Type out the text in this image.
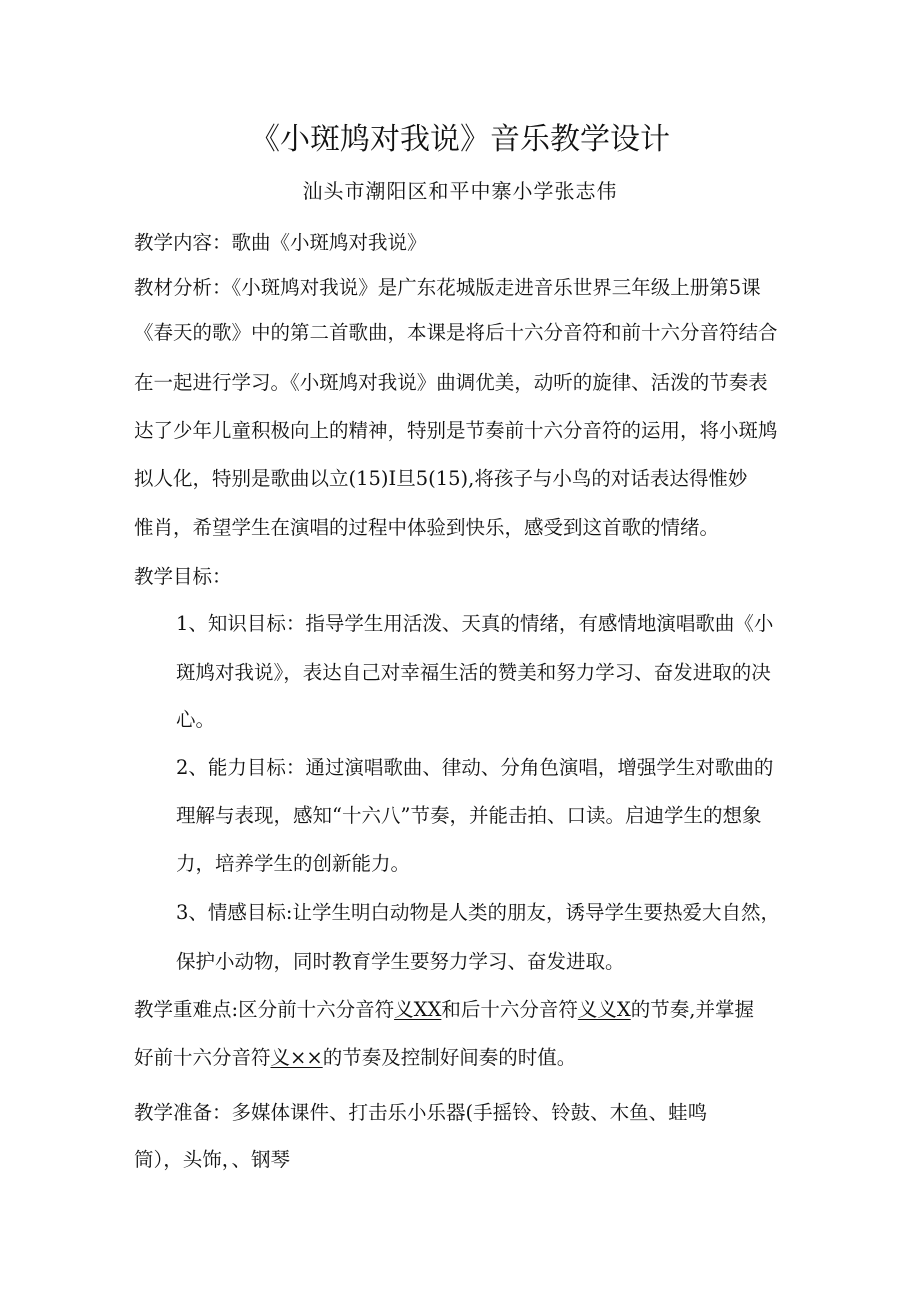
《小斑鸠对我说》音乐教学设计
汕头市潮阳区和平中寨小学张志伟
教学内容：歌曲《小斑鸠对我说》
教材分析：《小斑鸠对我说》是广东花城版走进音乐世界三年级上册第5课
《春天的歌》中的第二首歌曲，本课是将后十六分音符和前十六分音符结合
在一起进行学习。《小斑鸠对我说》曲调优美，动听的旋律、活泼的节奏表
达了少年儿童积极向上的精神，特别是节奏前十六分音符的运用，将小斑鸠
拟人化，特别是歌曲以立(15)I旦5(15),将孩子与小鸟的对话表达得惟妙
惟肖，希望学生在演唱的过程中体验到快乐，感受到这首歌的情绪。
教学目标：
1、知识目标：指导学生用活泼、天真的情绪，有感情地演唱歌曲《小
斑鸠对我说》，表达自己对幸福生活的赞美和努力学习、奋发进取的决
心。
2、能力目标：通过演唱歌曲、律动、分角色演唱，增强学生对歌曲的
理解与表现，感知“十六八”节奏，并能击拍、口读。启迪学生的想象
力，培养学生的创新能力。
3、情感目标:让学生明白动物是人类的朋友，诱导学生要热爱大自然，
保护小动物，同时教育学生要努力学习、奋发进取。
教学重难点:区分前十六分音符义XX和后十六分音符义义X的节奏,并掌握
好前十六分音符义××的节奏及控制好间奏的时值。
教学准备：多媒体课件、打击乐小乐器(手摇铃、铃鼓、木鱼、蛙鸣
筒），头饰，、钢琴
